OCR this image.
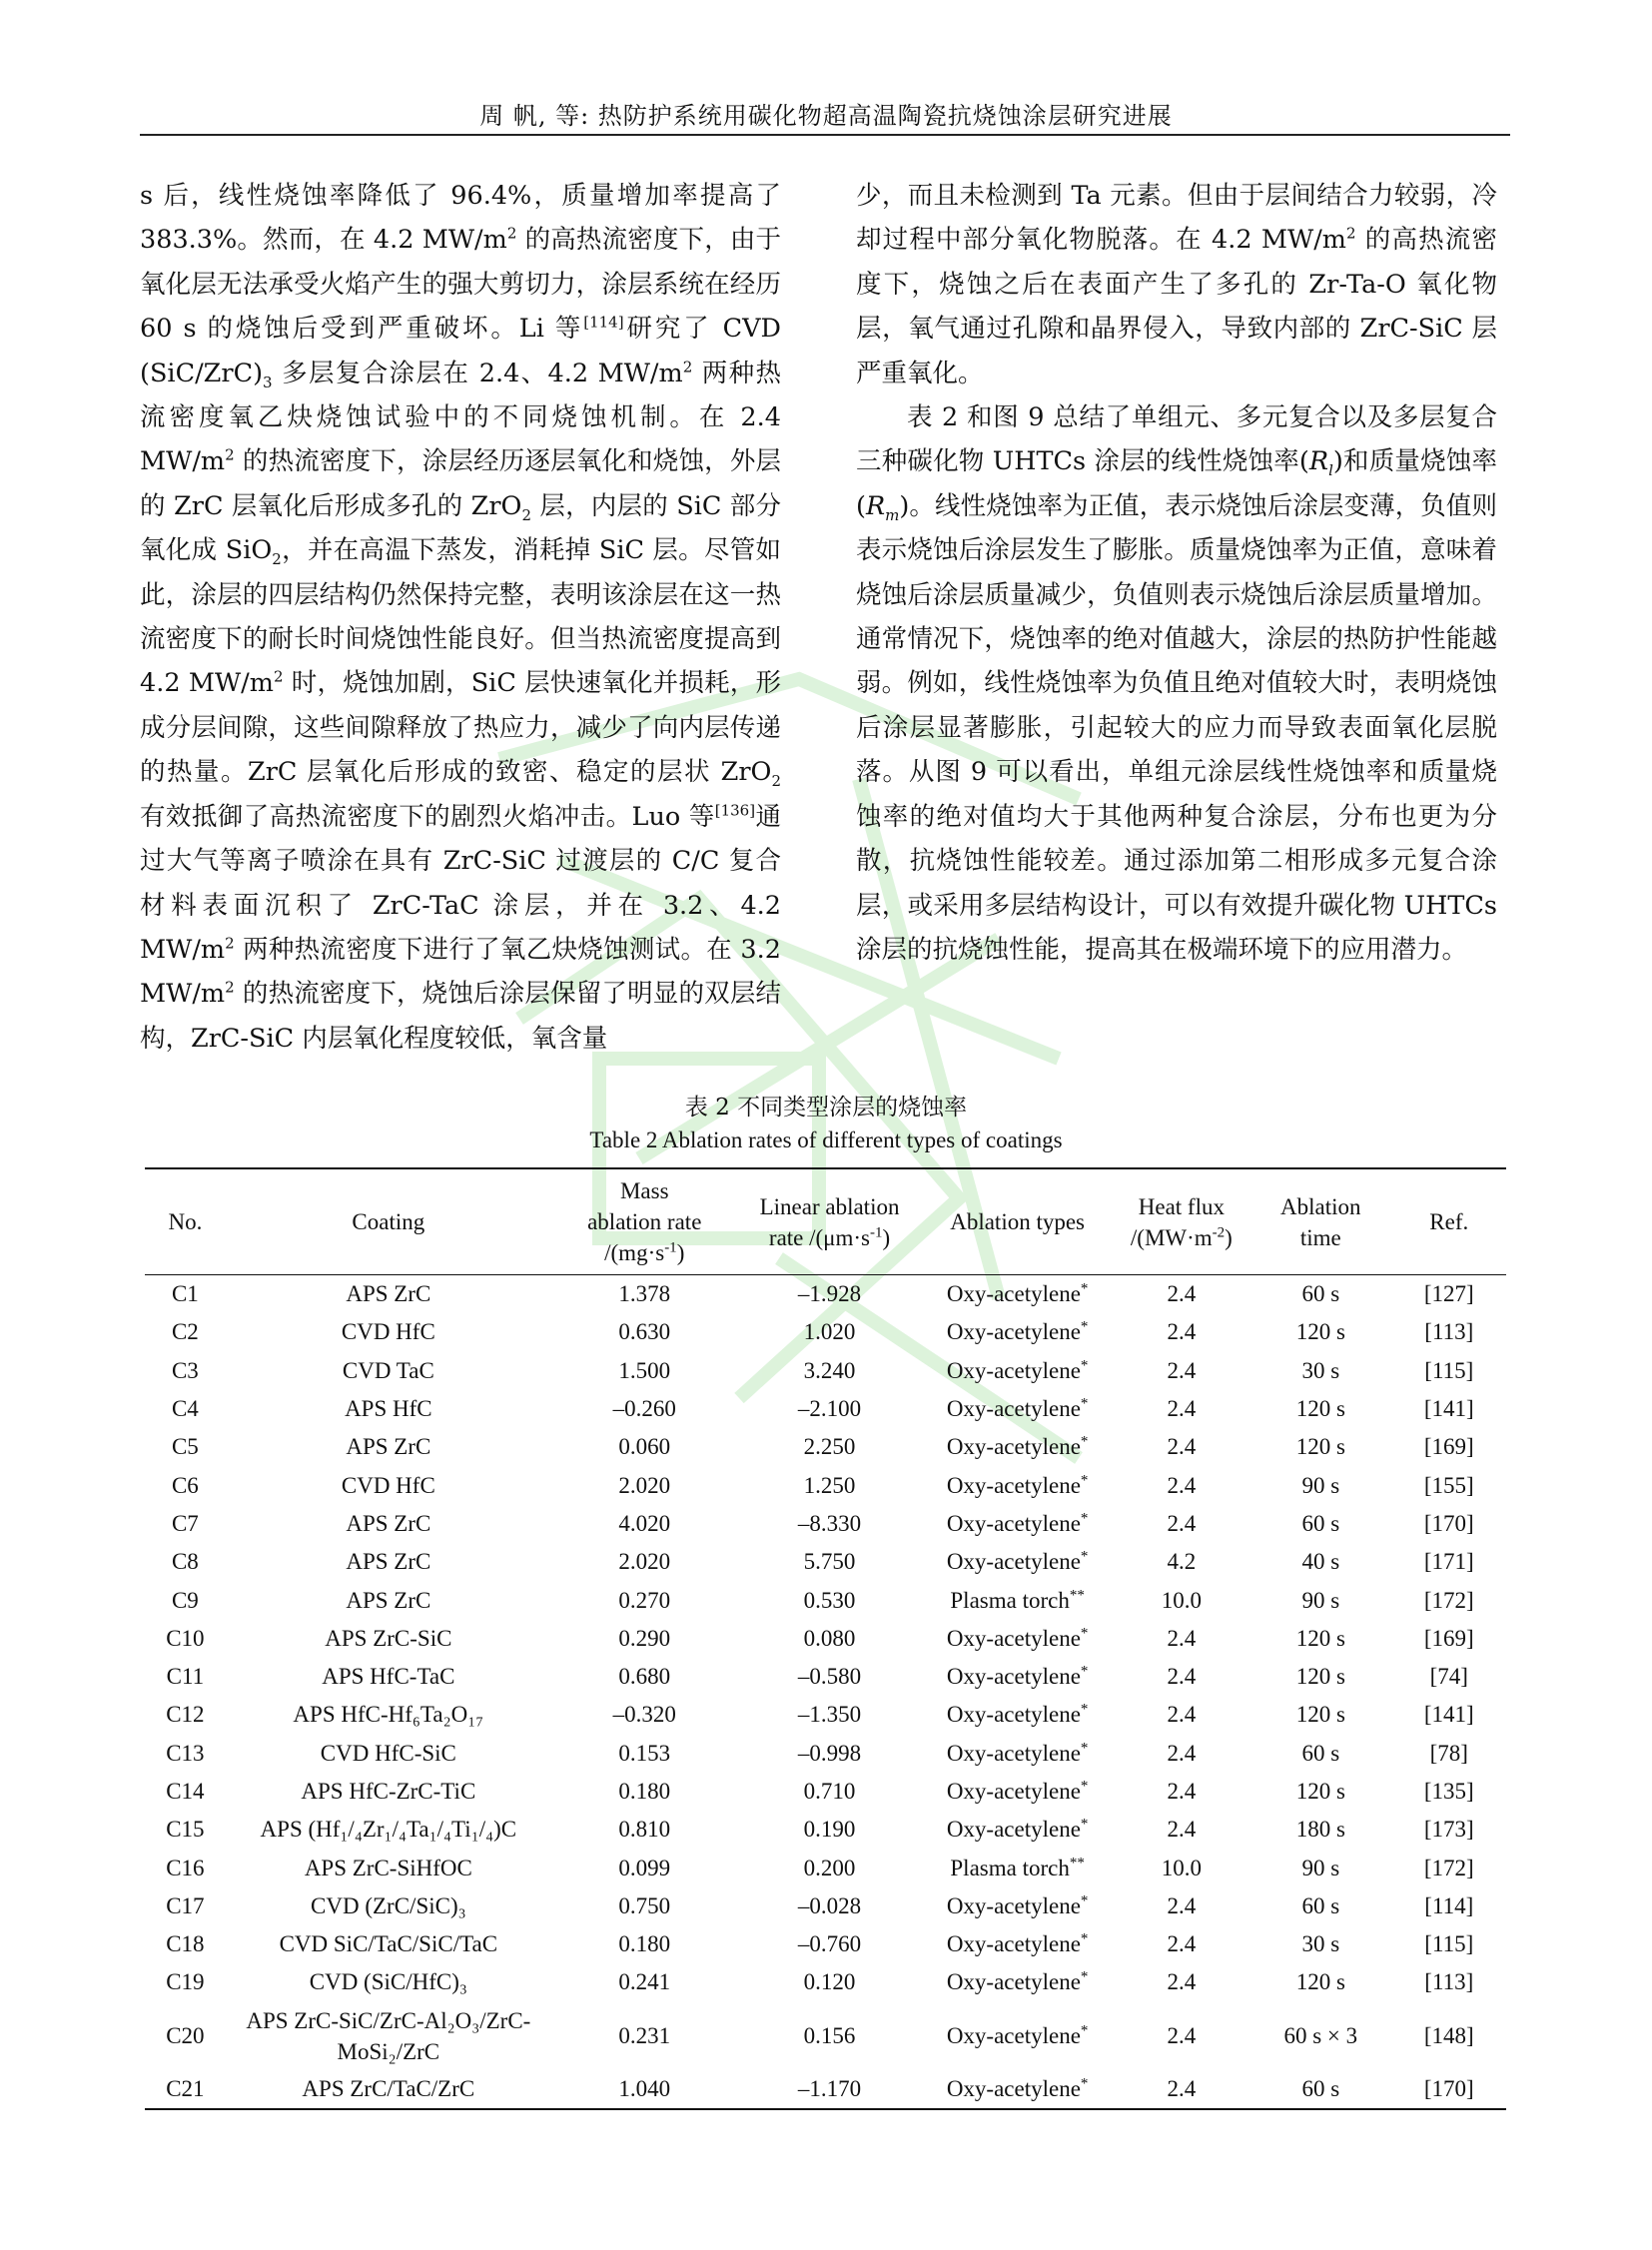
周 帆, 等: 热防护系统用碳化物超高温陶瓷抗烧蚀涂层研究进展

s 后，线性烧蚀率降低了 96.4%，质量增加率提高了 383.3%。然而，在 4.2 $MW/m^2$ 的高热流密度下，由于氧化层无法承受火焰产生的强大剪切力，涂层系统在经历 60 s 的烧蚀后受到严重破坏。Li 等[114]研究了 CVD $(SiC/ZrC)_3$ 多层复合涂层在 2.4、4.2 $MW/m^2$ 两种热流密度氧乙炔烧蚀试验中的不同烧蚀机制。在 2.4 $MW/m^2$ 的热流密度下，涂层经历逐层氧化和烧蚀，外层的 ZrC 层氧化后形成多孔的 ZrO$_2$ 层，内层的 SiC 部分氧化成 SiO$_2$，并在高温下蒸发，消耗掉 SiC 层。尽管如此，涂层的四层结构仍然保持完整，表明该涂层在这一热流密度下的耐长时间烧蚀性能良好。但当热流密度提高到 4.2 $MW/m^2$ 时，烧蚀加剧，SiC 层快速氧化并损耗，形成分层间隙，这些间隙释放了热应力，减少了向内层传递的热量。ZrC 层氧化后形成的致密、稳定的层状 ZrO$_2$ 有效抵御了高热流密度下的剧烈火焰冲击。Luo 等[136]通过大气等离子喷涂在具有 ZrC-SiC 过渡层的 C/C 复合材料表面沉积了 ZrC-TaC 涂层，并在 3.2、4.2 $MW/m^2$ 两种热流密度下进行了氧乙炔烧蚀测试。在 3.2 $MW/m^2$ 的热流密度下，烧蚀后涂层保留了明显的双层结构，ZrC-SiC 内层氧化程度较低，氧含量

少，而且未检测到 Ta 元素。但由于层间结合力较弱，冷却过程中部分氧化物脱落。在 4.2 $MW/m^2$ 的高热流密度下，烧蚀之后在表面产生了多孔的 Zr-Ta-O 氧化物层，氧气通过孔隙和晶界侵入，导致内部的 ZrC-SiC 层严重氧化。

表 2 和图 9 总结了单组元、多元复合以及多层复合三种碳化物 UHTCs 涂层的线性烧蚀率$(R_l)$和质量烧蚀率$(R_m)$。线性烧蚀率为正值，表示烧蚀后涂层变薄，负值则表示烧蚀后涂层发生了膨胀。质量烧蚀率为正值，意味着烧蚀后涂层质量减少，负值则表示烧蚀后涂层质量增加。通常情况下，烧蚀率的绝对值越大，涂层的热防护性能越弱。例如，线性烧蚀率为负值且绝对值较大时，表明烧蚀后涂层显著膨胀，引起较大的应力而导致表面氧化层脱落。从图 9 可以看出，单组元涂层线性烧蚀率和质量烧蚀率的绝对值均大于其他两种复合涂层，分布也更为分散，抗烧蚀性能较差。通过添加第二相形成多元复合涂层，或采用多层结构设计，可以有效提升碳化物 UHTCs 涂层的抗烧蚀性能，提高其在极端环境下的应用潜力。

表 2 不同类型涂层的烧蚀率
Table 2 Ablation rates of different types of coatings
No.	Coating	Mass
ablation rate
$/(mg\cdot s^{-1})$	Linear ablation
rate $/(\mu m\cdot s^{-1})$	Ablation types	Heat flux
$/(MW\cdot m^{-2})$	Ablation
time	Ref.
C1	APS ZrC	1.378	–1.928	Oxy-acetylene*	2.4	60 s	[127]
C2	CVD HfC	0.630	1.020	Oxy-acetylene*	2.4	120 s	[113]
C3	CVD TaC	1.500	3.240	Oxy-acetylene*	2.4	30 s	[115]
C4	APS HfC	–0.260	–2.100	Oxy-acetylene*	2.4	120 s	[141]
C5	APS ZrC	0.060	2.250	Oxy-acetylene*	2.4	120 s	[169]
C6	CVD HfC	2.020	1.250	Oxy-acetylene*	2.4	90 s	[155]
C7	APS ZrC	4.020	–8.330	Oxy-acetylene*	2.4	60 s	[170]
C8	APS ZrC	2.020	5.750	Oxy-acetylene*	4.2	40 s	[171]
C9	APS ZrC	0.270	0.530	Plasma torch**	10.0	90 s	[172]
C10	APS ZrC-SiC	0.290	0.080	Oxy-acetylene*	2.4	120 s	[169]
C11	APS HfC-TaC	0.680	–0.580	Oxy-acetylene*	2.4	120 s	[74]
C12	APS HfC-Hf₆Ta₂O₁₇	–0.320	–1.350	Oxy-acetylene*	2.4	120 s	[141]
C13	CVD HfC-SiC	0.153	–0.998	Oxy-acetylene*	2.4	60 s	[78]
C14	APS HfC-ZrC-TiC	0.180	0.710	Oxy-acetylene*	2.4	120 s	[135]
C15	APS (Hf₁/₄Zr₁/₄Ta₁/₄Ti₁/₄)C	0.810	0.190	Oxy-acetylene*	2.4	180 s	[173]
C16	APS ZrC-SiHfOC	0.099	0.200	Plasma torch**	10.0	90 s	[172]
C17	CVD (ZrC/SiC)₃	0.750	–0.028	Oxy-acetylene*	2.4	60 s	[114]
C18	CVD SiC/TaC/SiC/TaC	0.180	–0.760	Oxy-acetylene*	2.4	30 s	[115]
C19	CVD (SiC/HfC)₃	0.241	0.120	Oxy-acetylene*	2.4	120 s	[113]
C20	APS ZrC-SiC/ZrC-Al₂O₃/ZrC-
MoSi₂/ZrC	0.231	0.156	Oxy-acetylene*	2.4	60 s × 3	[148]
C21	APS ZrC/TaC/ZrC	1.040	–1.170	Oxy-acetylene*	2.4	60 s	[170]
